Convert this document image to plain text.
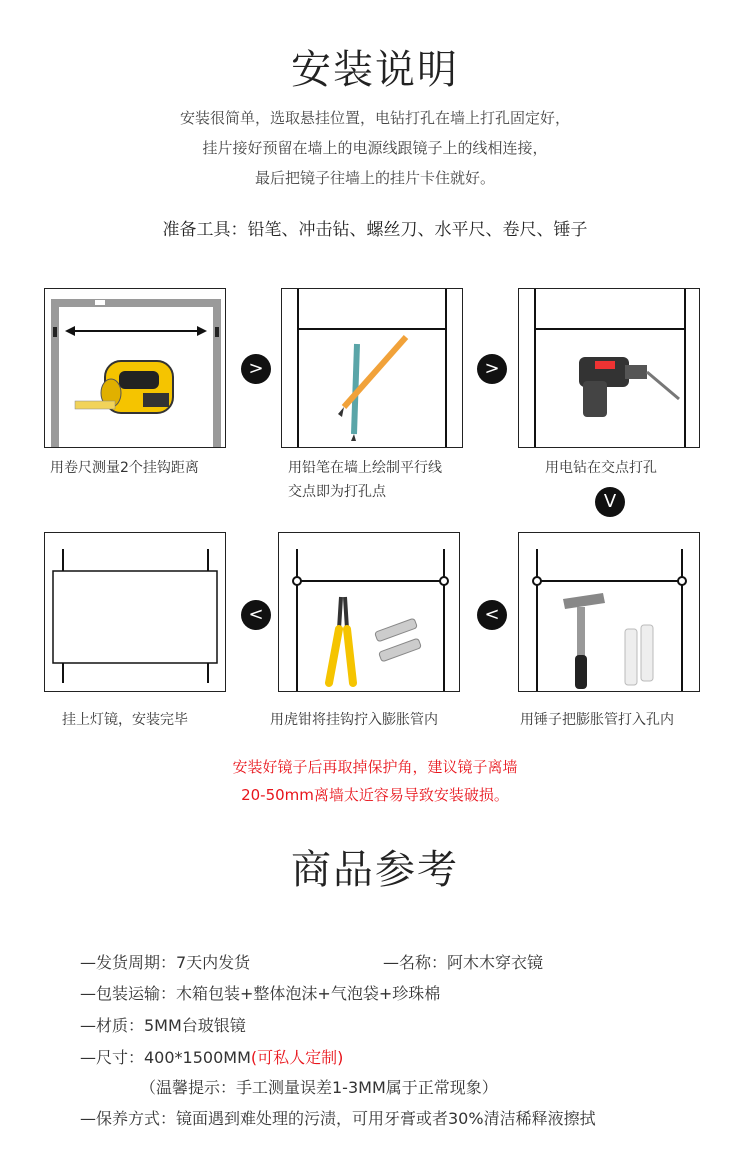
安装说明
安装很简单，选取悬挂位置，电钻打孔在墙上打孔固定好，
挂片接好预留在墙上的电源线跟镜子上的线相连接，
最后把镜子往墙上的挂片卡住就好。
准备工具：铅笔、冲击钻、螺丝刀、水平尺、卷尺、锤子
用卷尺测量2个挂钩距离
>
用铅笔在墙上绘制平行线
交点即为打孔点
>
用电钻在交点打孔
V
挂上灯镜，安装完毕
<
用虎钳将挂钩拧入膨胀管内
<
用锤子把膨胀管打入孔内
安装好镜子后再取掉保护角，建议镜子离墙
20-50mm离墙太近容易导致安装破损。
商品参考
—发货周期：7天内发货	—名称：阿木木穿衣镜
—包装运输：木箱包装+整体泡沫+气泡袋+珍珠棉
—材质：5MM台玻银镜
—尺寸：400*1500MM(可私人定制)
（温馨提示：手工测量误差1-3MM属于正常现象）
—保养方式：镜面遇到难处理的污渍，可用牙膏或者30%清洁稀释液擦拭
